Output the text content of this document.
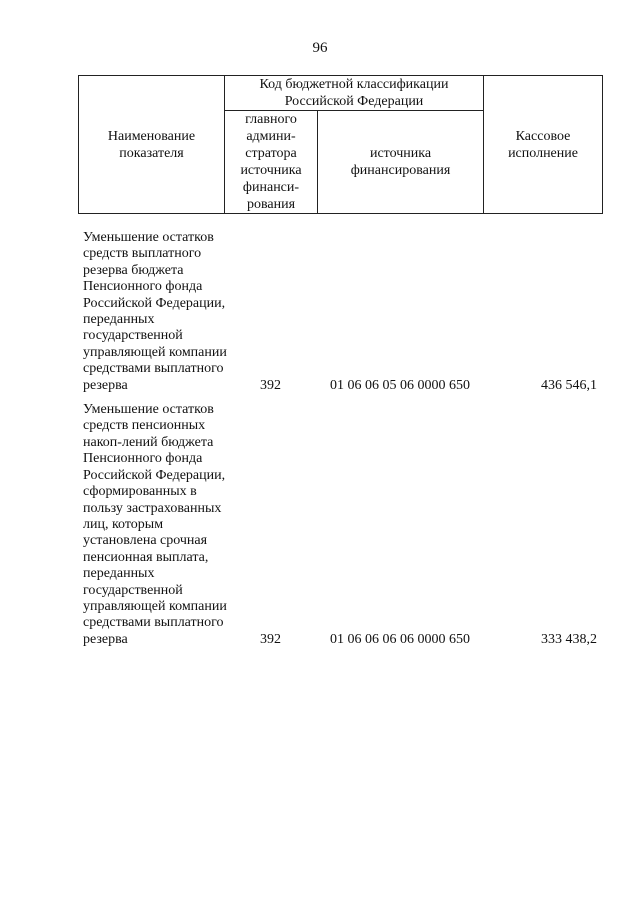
96
Наименование показателя	Код бюджетной классификации Российской Федерации		Кассовое исполнение
	главного админи-стратора источника финанси-рования	источника финансирования	
Уменьшение остатков средств выплатного резерва бюджета Пенсионного фонда Российской Федерации, переданных государственной управляющей компании средствами выплатного резерва	392	01 06 06 05 06 0000 650	436 546,1
Уменьшение остатков средств пенсионных накоп-лений бюджета Пенсионного фонда Российской Федерации, сформированных в пользу застрахованных лиц, которым установлена срочная пенсионная выплата, переданных государственной управляющей компании средствами выплатного резерва	392	01 06 06 06 06 0000 650	333 438,2
